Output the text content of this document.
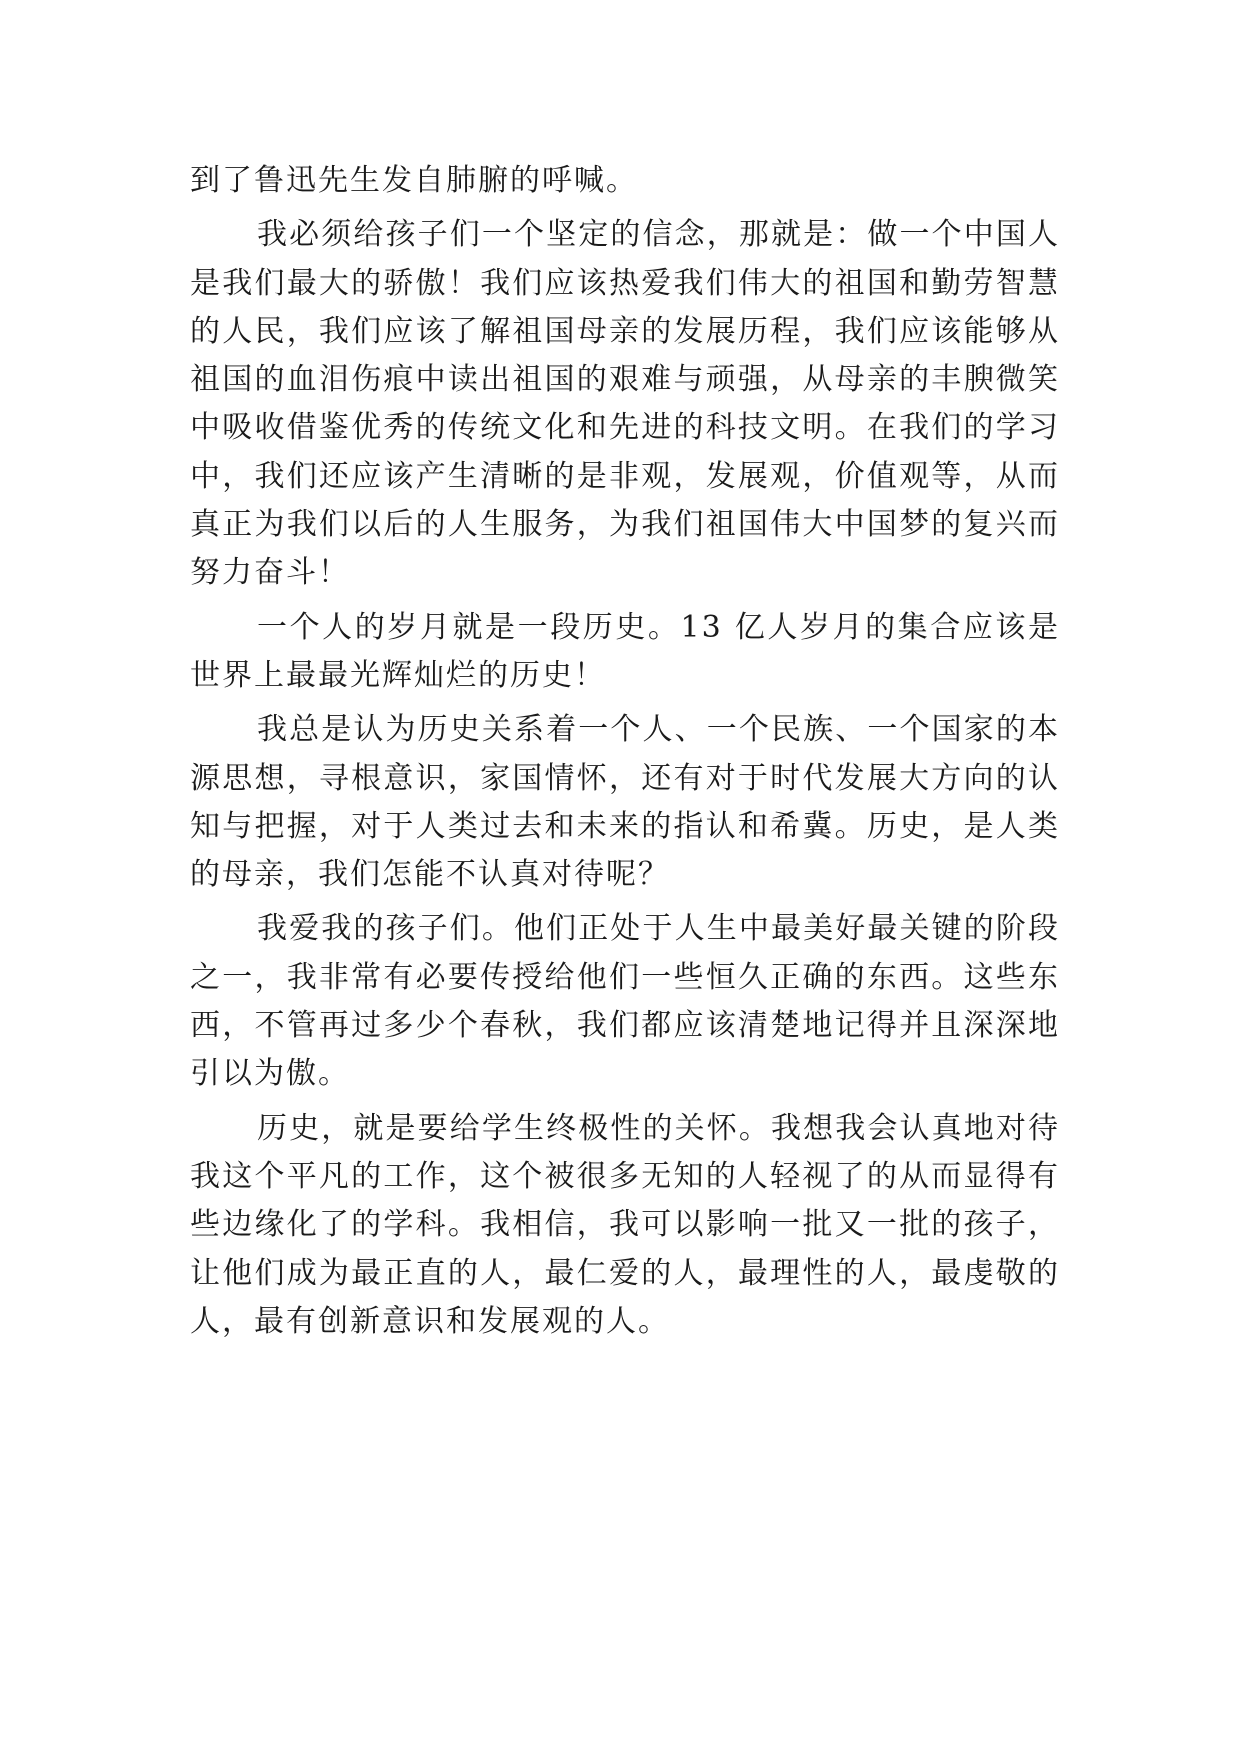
到了鲁迅先生发自肺腑的呼喊。

我必须给孩子们一个坚定的信念，那就是：做一个中国人是我们最大的骄傲！我们应该热爱我们伟大的祖国和勤劳智慧的人民，我们应该了解祖国母亲的发展历程，我们应该能够从祖国的血泪伤痕中读出祖国的艰难与顽强，从母亲的丰腴微笑中吸收借鉴优秀的传统文化和先进的科技文明。在我们的学习中，我们还应该产生清晰的是非观，发展观，价值观等，从而真正为我们以后的人生服务，为我们祖国伟大中国梦的复兴而努力奋斗！

一个人的岁月就是一段历史。13 亿人岁月的集合应该是世界上最最光辉灿烂的历史！

我总是认为历史关系着一个人、一个民族、一个国家的本源思想，寻根意识，家国情怀，还有对于时代发展大方向的认知与把握，对于人类过去和未来的指认和希冀。历史，是人类的母亲，我们怎能不认真对待呢？

我爱我的孩子们。他们正处于人生中最美好最关键的阶段之一，我非常有必要传授给他们一些恒久正确的东西。这些东西，不管再过多少个春秋，我们都应该清楚地记得并且深深地引以为傲。

历史，就是要给学生终极性的关怀。我想我会认真地对待我这个平凡的工作，这个被很多无知的人轻视了的从而显得有些边缘化了的学科。我相信，我可以影响一批又一批的孩子，让他们成为最正直的人，最仁爱的人，最理性的人，最虔敬的人，最有创新意识和发展观的人。
